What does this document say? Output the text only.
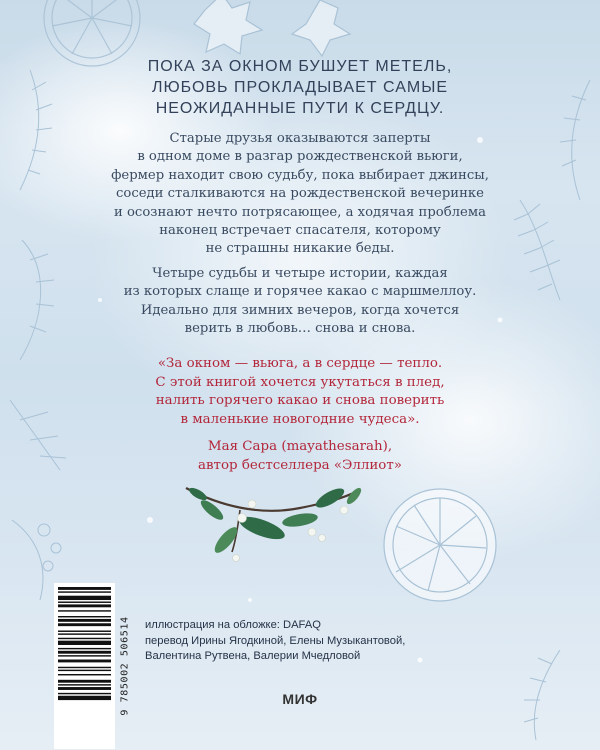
ПОКА ЗА ОКНОМ БУШУЕТ МЕТЕЛЬ,
ЛЮБОВЬ ПРОКЛАДЫВАЕТ САМЫЕ
НЕОЖИДАННЫЕ ПУТИ К СЕРДЦУ.
Старые друзья оказываются заперты
в одном доме в разгар рождественской вьюги,
фермер находит свою судьбу, пока выбирает джинсы,
соседи сталкиваются на рождественской вечеринке
и осознают нечто потрясающее, а ходячая проблема
наконец встречает спасателя, которому
не страшны никакие беды.
Четыре судьбы и четыре истории, каждая
из которых слаще и горячее какао с маршмеллоу.
Идеально для зимних вечеров, когда хочется
верить в любовь… снова и снова.
«За окном — вьюга, а в сердце — тепло.
С этой книгой хочется укутаться в плед,
налить горячего какао и снова поверить
в маленькие новогодние чудеса».
Мая Сара (mayathesarah),
автор бестселлера «Эллиот»
9 785002 506514 иллюстрация на обложке: DAFAQ
перевод Ирины Ягодкиной, Елены Музыкантовой,
Валентина Рутвена, Валерии Мчедловой
МИФ
